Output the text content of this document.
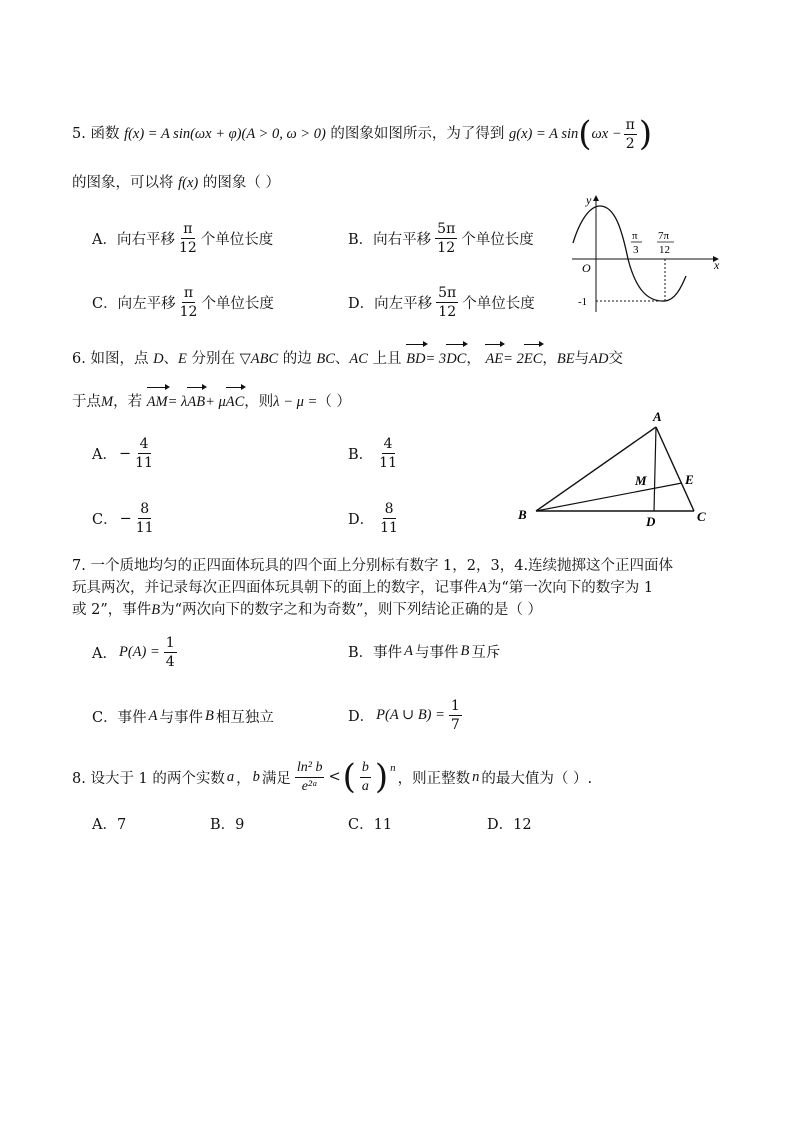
5. 函数 f(x) = A sin(ωx + φ)(A > 0, ω > 0) 的图象如图所示，为了得到 g(x) = A $\sin(\omega x - \frac{\pi}{2}$ )
的图象，可以将 f(x) 的图象（ ）
A．向右平移 $\frac{\pi}{12}$ 个单位长度	B．向右平移 $\frac{5\pi}{12}$ 个单位长度
C．向左平移 $\frac{\pi}{12}$ 个单位长度	D．向左平移 $\frac{5\pi}{12}$ 个单位长度
y
x
O
π
3
7π
12
-1
6. 如图，点 D、E 分别在 ▽ABC 的边 BC、AC 上且 BD= 3DC， AE= 2EC，BE与AD交
于点M，若 AM= λAB+ μAC，则λ − μ =（ ）
A． − $\frac{4}{11}$	B． $\frac{4}{11}$
C． − $\frac{8}{11}$	D． $\frac{8}{11}$
A
B	C
D
E
M
7. 一个质地均匀的正四面体玩具的四个面上分别标有数字 1，2，3，4.连续抛掷这个正四面体
玩具两次，并记录每次正四面体玩具朝下的面上的数字，记事件A为“第一次向下的数字为 1
或 2”，事件B为“两次向下的数字之和为奇数”，则下列结论正确的是（ ）
A． $P(A) = \frac{1}{4}$	B．事件 A 与事件 B 互斥
C．事件 A 与事件 B 相互独立	D． P(A ∪ $B) = \frac{1}{7}$
8. 设大于 1 的两个实数 a ， b 满足 $\frac{\text{ln² b}}{\text{e²ᵃ}}$ < ( $\frac{b}{a} )^n$
，则正整数 n 的最大值为（ ）.
A．7	B．9	C．11	D．12
